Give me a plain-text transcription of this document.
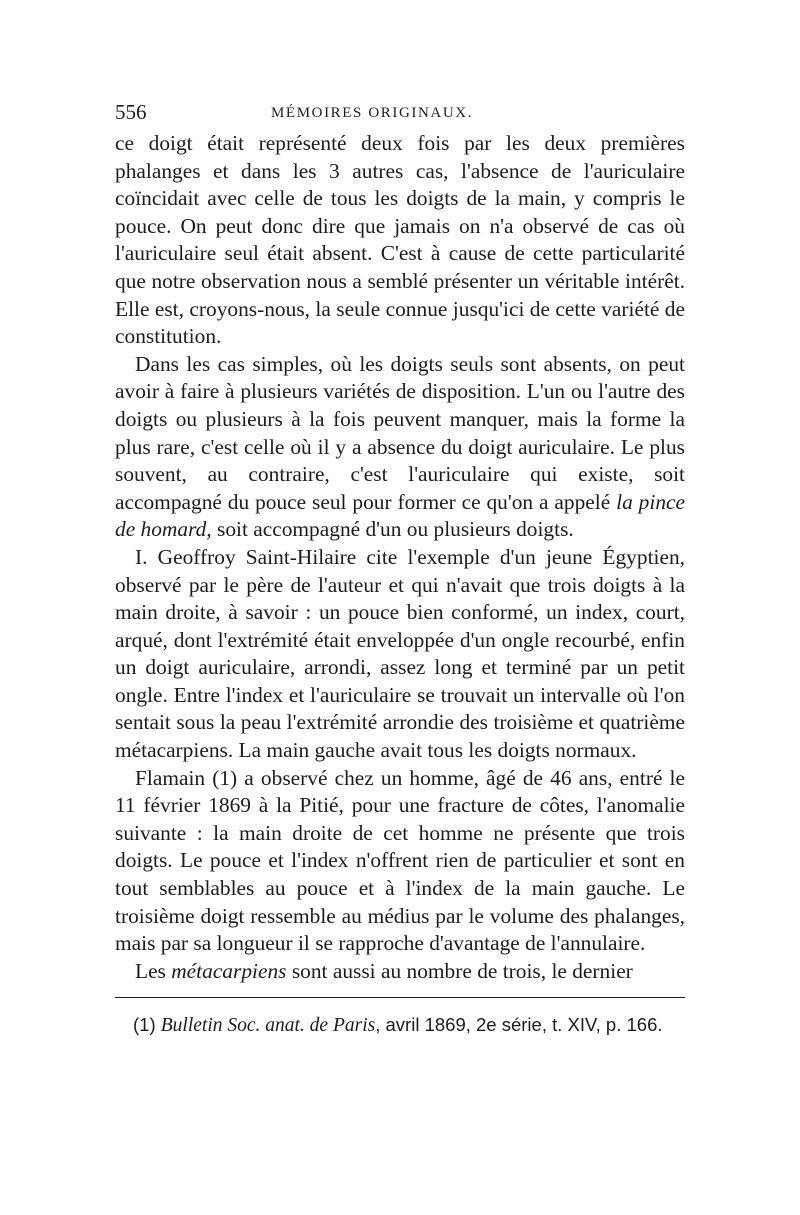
556	MÉMOIRES ORIGINAUX.

ce doigt était représenté deux fois par les deux premières phalanges et dans les 3 autres cas, l'absence de l'auriculaire coïncidait avec celle de tous les doigts de la main, y compris le pouce. On peut donc dire que jamais on n'a observé de cas où l'auriculaire seul était absent. C'est à cause de cette particularité que notre observation nous a semblé présenter un véritable intérêt. Elle est, croyons-nous, la seule connue jusqu'ici de cette variété de constitution.

Dans les cas simples, où les doigts seuls sont absents, on peut avoir à faire à plusieurs variétés de disposition. L'un ou l'autre des doigts ou plusieurs à la fois peuvent manquer, mais la forme la plus rare, c'est celle où il y a absence du doigt auriculaire. Le plus souvent, au contraire, c'est l'auriculaire qui existe, soit accompagné du pouce seul pour former ce qu'on a appelé la pince de homard, soit accompagné d'un ou plusieurs doigts.

I. Geoffroy Saint-Hilaire cite l'exemple d'un jeune Égyptien, observé par le père de l'auteur et qui n'avait que trois doigts à la main droite, à savoir : un pouce bien conformé, un index, court, arqué, dont l'extrémité était enveloppée d'un ongle recourbé, enfin un doigt auriculaire, arrondi, assez long et terminé par un petit ongle. Entre l'index et l'auriculaire se trouvait un intervalle où l'on sentait sous la peau l'extrémité arrondie des troisième et quatrième métacarpiens. La main gauche avait tous les doigts normaux.

Flamain (1) a observé chez un homme, âgé de 46 ans, entré le 11 février 1869 à la Pitié, pour une fracture de côtes, l'anomalie suivante : la main droite de cet homme ne présente que trois doigts. Le pouce et l'index n'offrent rien de particulier et sont en tout semblables au pouce et à l'index de la main gauche. Le troisième doigt ressemble au médius par le volume des phalanges, mais par sa longueur il se rapproche d'avantage de l'annulaire.

Les métacarpiens sont aussi au nombre de trois, le dernier

(1) Bulletin Soc. anat. de Paris, avril 1869, 2e série, t. XIV, p. 166.
